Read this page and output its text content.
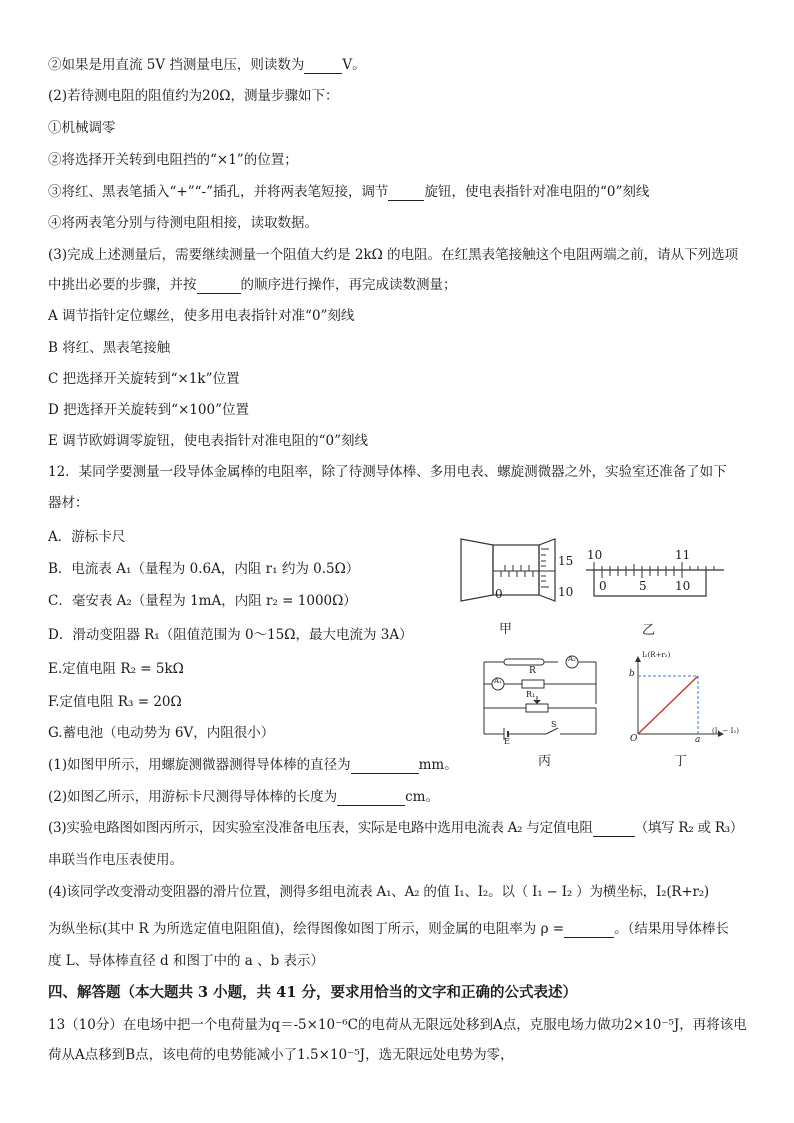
②如果是用直流 5V 挡测量电压，则读数为	V。
(2)若待测电阻的阻值约为20Ω，测量步骤如下：
①机械调零
②将选择开关转到电阻挡的“×1”的位置；
③将红、黑表笔插入“+”“-”插孔，并将两表笔短接，调节	旋钮，使电表指针对准电阻的“0”刻线
④将两表笔分别与待测电阻相接，读取数据。
(3)完成上述测量后，需要继续测量一个阻值大约是 2kΩ 的电阻。在红黑表笔接触这个电阻两端之前，请从下列选项
中挑出必要的步骤，并按	的顺序进行操作，再完成读数测量；
A 调节指针定位螺丝，使多用电表指针对准“0”刻线
B 将红、黑表笔接触
C 把选择开关旋转到“×1k”位置
D 把选择开关旋转到“×100”位置
E 调节欧姆调零旋钮，使电表指针对准电阻的“0”刻线
12．某同学要测量一段导体金属棒的电阻率，除了待测导体棒、多用电表、螺旋测微器之外，实验室还准备了如下
器材：
A．游标卡尺
B．电流表 A₁（量程为 0.6A，内阻 r₁ 约为 0.5Ω）
C．毫安表 A₂（量程为 1mA，内阻 r₂ = 1000Ω）
D．滑动变阻器 R₁（阻值范围为 0～15Ω，最大电流为 3A）
E.定值电阻 R₂ = 5kΩ
F.定值电阻 R₃ = 20Ω
G.蓄电池（电动势为 6V，内阻很小）
(1)如图甲所示，用螺旋测微器测得导体棒的直径为	mm。
(2)如图乙所示，用游标卡尺测得导体棒的长度为	cm。
(3)实验电路图如图丙所示，因实验室没准备电压表，实际是电路中选用电流表 A₂ 与定值电阻	（填写 R₂ 或 R₃）
串联当作电压表使用。
(4)该同学改变滑动变阻器的滑片位置，测得多组电流表 A₁、A₂ 的值 I₁、I₂。以（ I₁ − I₂ ）为横坐标，I₂(R+r₂)
为纵坐标(其中 R 为所选定值电阻阻值)，绘得图像如图丁所示，则金属的电阻率为 ρ =	。（结果用导体棒长
度 L、导体棒直径 d 和图丁中的 a 、b 表示）
四、解答题（本大题共 3 小题，共 41 分，要求用恰当的文字和正确的公式表述）
13（10分）在电场中把一个电荷量为q＝-5×10⁻⁶C的电荷从无限远处移到A点，克服电场力做功2×10⁻⁵J，再将该电
荷从A点移到B点，该电荷的电势能减小了1.5×10⁻⁵J，选无限远处电势为零，
0
15
10
甲
10	11
0	5 10
乙
A₂
A₁
R
R₁
E
S
丙
I₂(R+r₂)
(I₁ − I₂)
b
a
O
丁
